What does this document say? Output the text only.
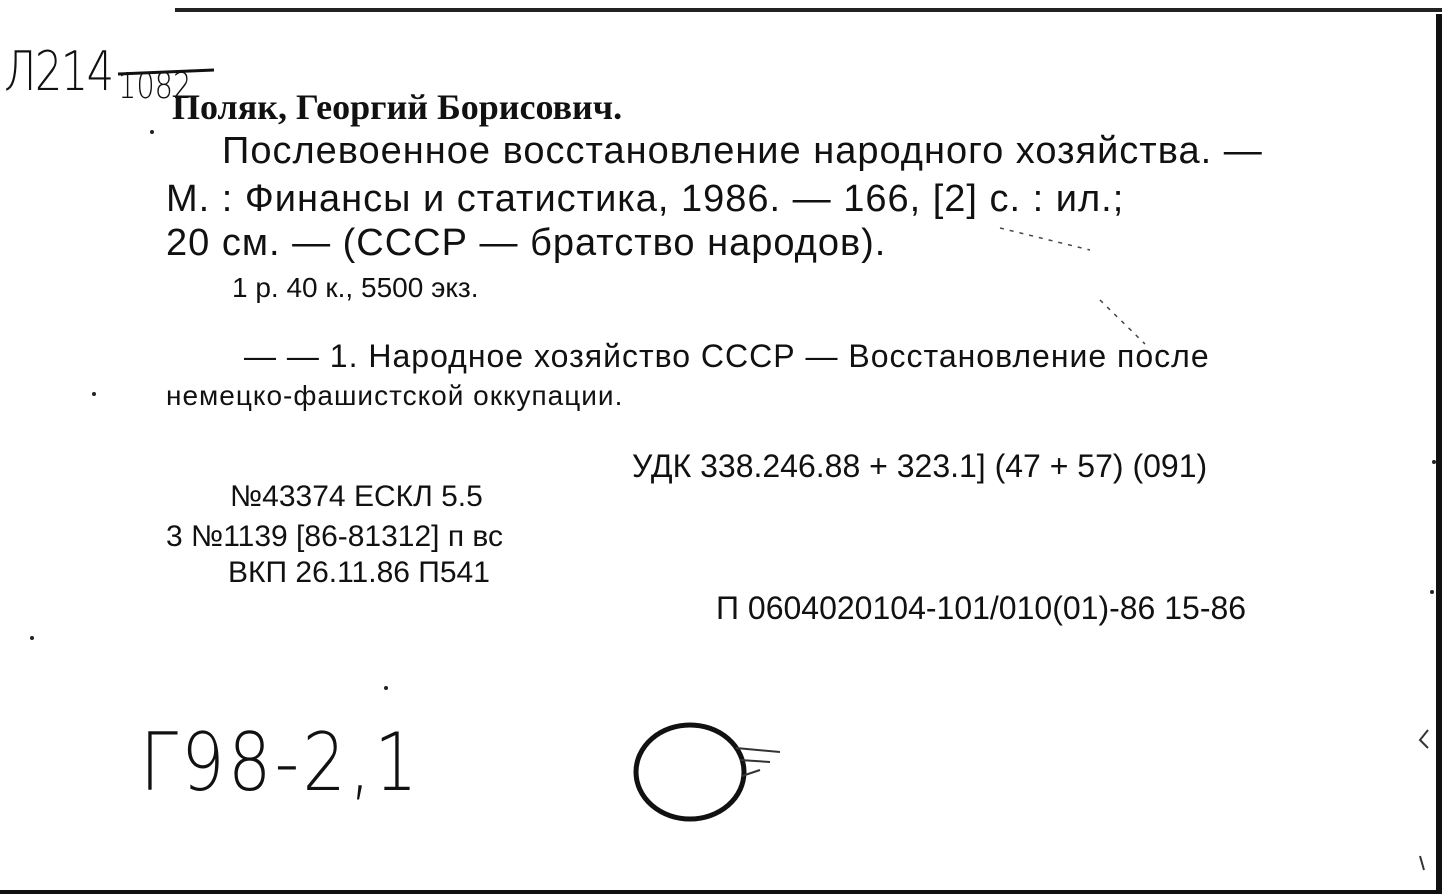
Л214 1082
Поляк, Георгий Борисович.
Послевоенное восстановление народного хозяйства. —
М. : Финансы и статистика, 1986. — 166, [2] с. : ил.;
20 см. — (СССР — братство народов).
1 р. 40 к., 5500 экз.
— — 1. Народное хозяйство СССР — Восстановление после
немецко-фашистской оккупации.
УДК 338.246.88 + 323.1] (47 + 57) (091)
№43374 ЕСКЛ 5.5
3 №1139 [86-81312] п вс
ВКП 26.11.86 П541
П 0604020104-101/010(01)-86 15-86
Г98-2,1
